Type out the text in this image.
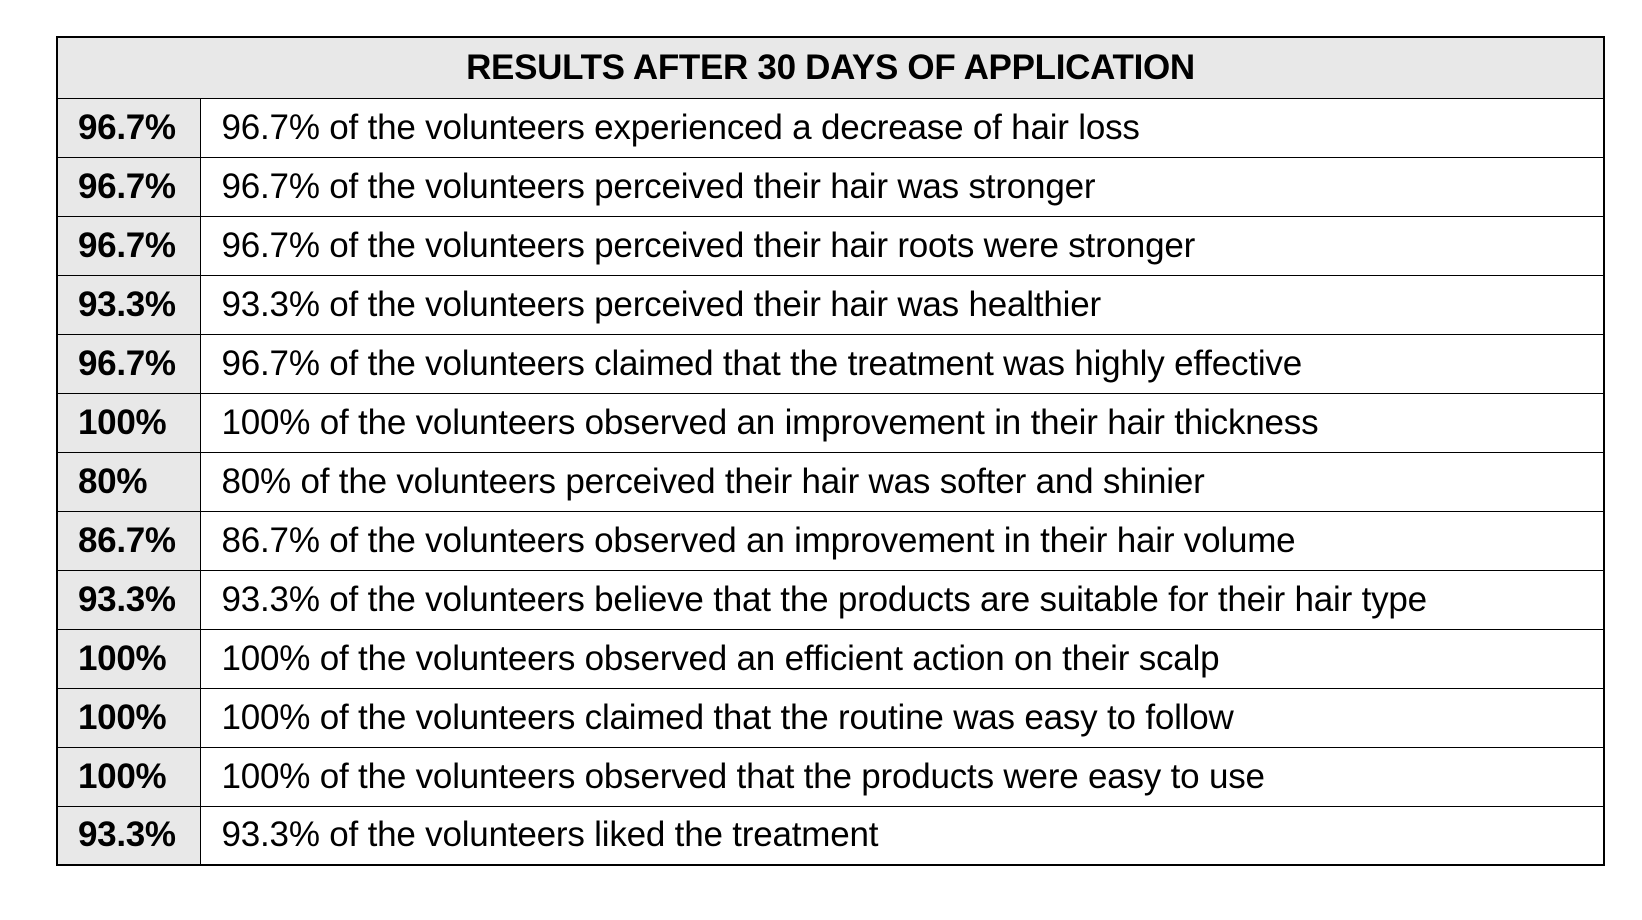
RESULTS AFTER 30 DAYS OF APPLICATION	
96.7%	96.7% of the volunteers experienced a decrease of hair loss
96.7%	96.7% of the volunteers perceived their hair was stronger
96.7%	96.7% of the volunteers perceived their hair roots were stronger
93.3%	93.3% of the volunteers perceived their hair was healthier
96.7%	96.7% of the volunteers claimed that the treatment was highly effective
100%	100% of the volunteers observed an improvement in their hair thickness
80%	80% of the volunteers perceived their hair was softer and shinier
86.7%	86.7% of the volunteers observed an improvement in their hair volume
93.3%	93.3% of the volunteers believe that the products are suitable for their hair type
100%	100% of the volunteers observed an efficient action on their scalp
100%	100% of the volunteers claimed that the routine was easy to follow
100%	100% of the volunteers observed that the products were easy to use
93.3%	93.3% of the volunteers liked the treatment
